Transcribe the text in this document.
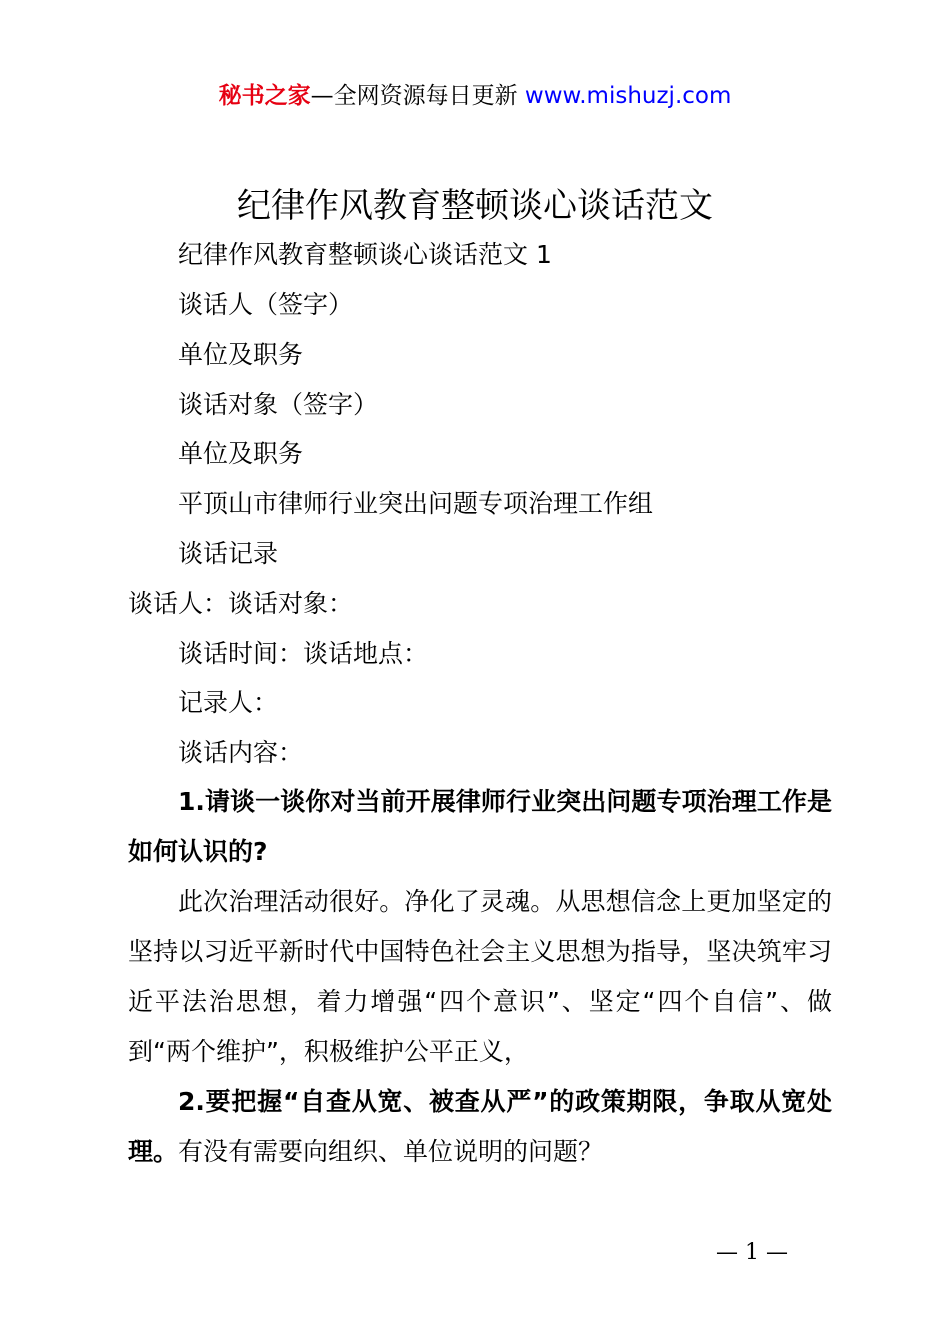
秘书之家—全网资源每日更新 www.mishuzj.com
纪律作风教育整顿谈心谈话范文
纪律作风教育整顿谈心谈话范文 1
谈话人（签字）
单位及职务
谈话对象（签字）
单位及职务
平顶山市律师行业突出问题专项治理工作组
谈话记录
谈话人：谈话对象：
谈话时间：谈话地点：
记录人：
谈话内容：
1.请谈一谈你对当前开展律师行业突出问题专项治理工作是如何认识的?
此次治理活动很好。净化了灵魂。从思想信念上更加坚定的坚持以习近平新时代中国特色社会主义思想为指导，坚决筑牢习近平法治思想，着力增强“四个意识”、坚定“四个自信”、做到“两个维护”，积极维护公平正义，
2.要把握“自查从宽、被查从严”的政策期限，争取从宽处理。有没有需要向组织、单位说明的问题？
— 1 —
